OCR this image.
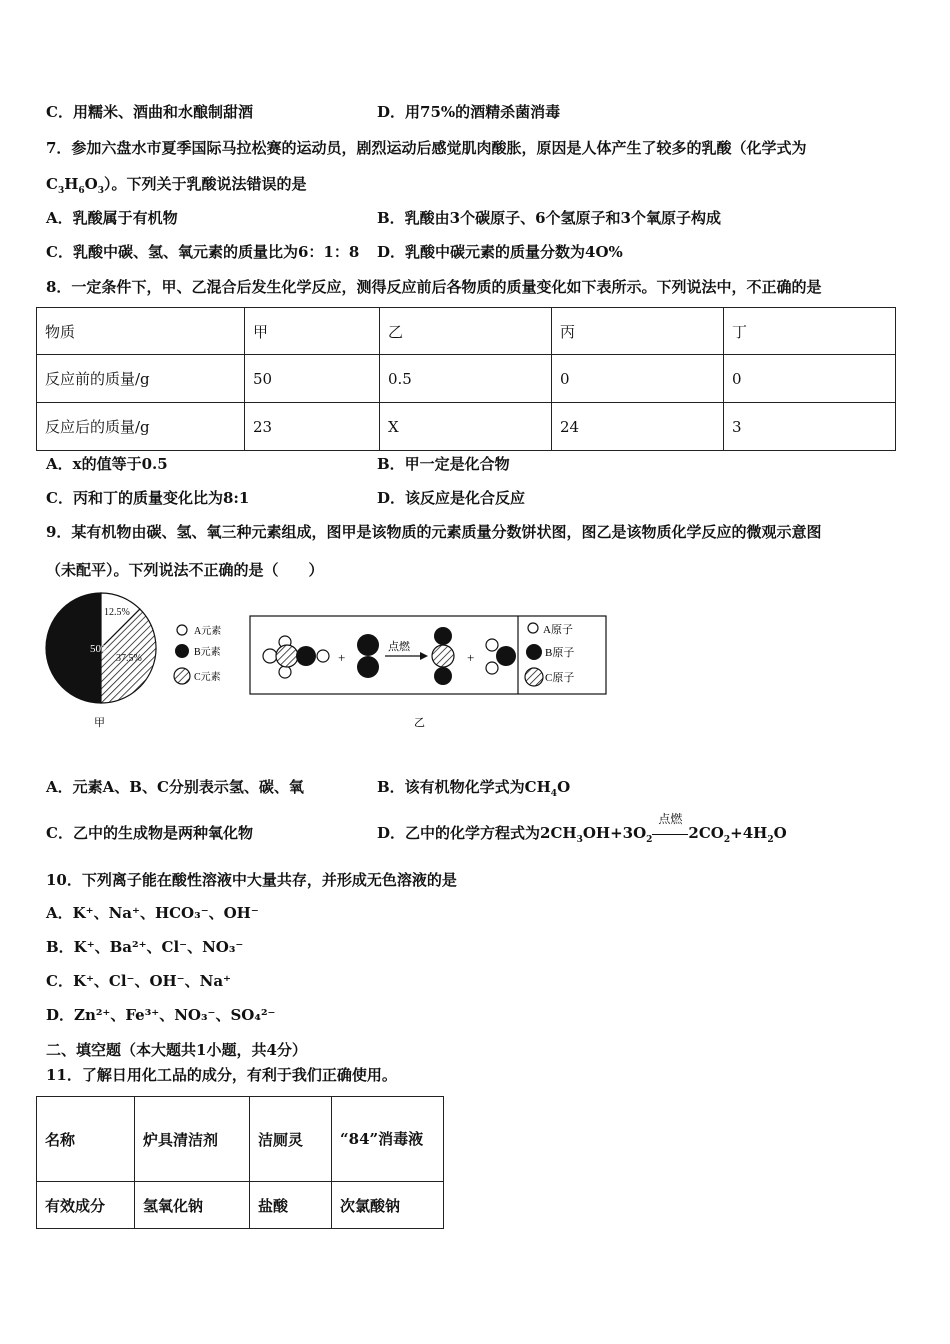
C．用糯米、酒曲和水酿制甜酒	D．用75%的酒精杀菌消毒
7．参加六盘水市夏季国际马拉松赛的运动员，剧烈运动后感觉肌肉酸胀，原因是人体产生了较多的乳酸（化学式为
$C_3H_6O_3$）。下列关于乳酸说法错误的是
A．乳酸属于有机物	B．乳酸由3个碳原子、6个氢原子和3个氧原子构成
C．乳酸中碳、氢、氧元素的质量比为6：1：8 D．乳酸中碳元素的质量分数为4O%
8．一定条件下，甲、乙混合后发生化学反应，测得反应前后各物质的质量变化如下表所示。下列说法中，不正确的是
物质	甲	乙	丙	丁
反应前的质量/g	50	0.5	0	0
反应后的质量/g	23	X	24	3
A．x的值等于0.5	B．甲一定是化合物
C．丙和丁的质量变化比为8:1	D．该反应是化合反应
9．某有机物由碳、氢、氧三种元素组成，图甲是该物质的元素质量分数饼状图，图乙是该物质化学反应的微观示意图
（未配平）。下列说法不正确的是（　　）
50%
12.5%
37.5%
A元素
B元素
C元素
甲
+
点燃
+
A原子
B原子
C原子
乙
A．元素A、B、C分别表示氢、碳、氧	B．该有机物化学式为$CH_4O$
C．乙中的生成物是两种氧化物	D．乙中的化学方程式为$2CH_3OH+3O_2$
点燃
$2CO_2+4H_2O$
10．下列离子能在酸性溶液中大量共存，并形成无色溶液的是
A．K⁺、Na⁺、HCO₃⁻、OH⁻
B．K⁺、Ba²⁺、Cl⁻、NO₃⁻
C．K⁺、Cl⁻、OH⁻、Na⁺
D．Zn²⁺、Fe³⁺、NO₃⁻、SO₄²⁻
二、填空题（本大题共1小题，共4分）
11．了解日用化工品的成分，有利于我们正确使用。
名称	炉具清洁剂	洁厕灵	“84”消毒液
有效成分	氢氧化钠	盐酸	次氯酸钠
